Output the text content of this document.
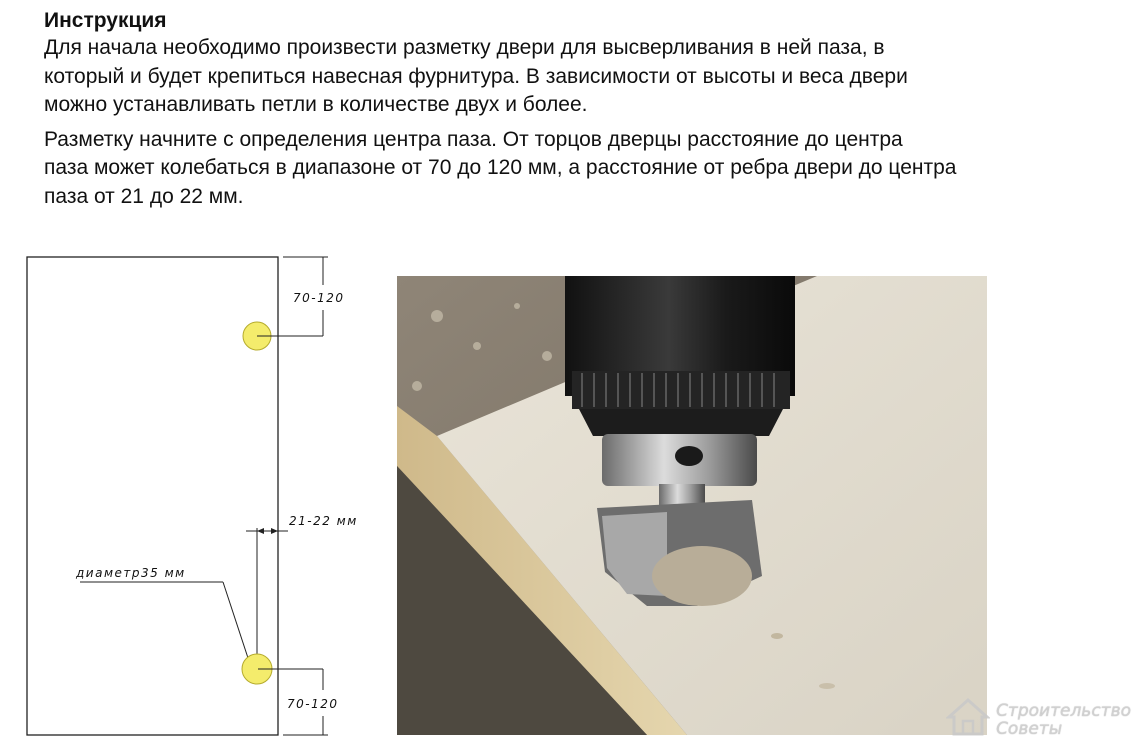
Инструкция

Для начала необходимо произвести разметку двери для высверливания в ней паза, в
который и будет крепиться навесная фурнитура. В зависимости от высоты и веса двери
можно устанавливать петли в количестве двух и более.

Разметку начните с определения центра паза. От торцов дверцы расстояние до центра
паза может колебаться в диапазоне от 70 до 120 мм, а расстояние от ребра двери до центра
паза от 21 до 22 мм.

70-120
21-22 мм
диаметр35 мм
70-120	Строительство
Советы
